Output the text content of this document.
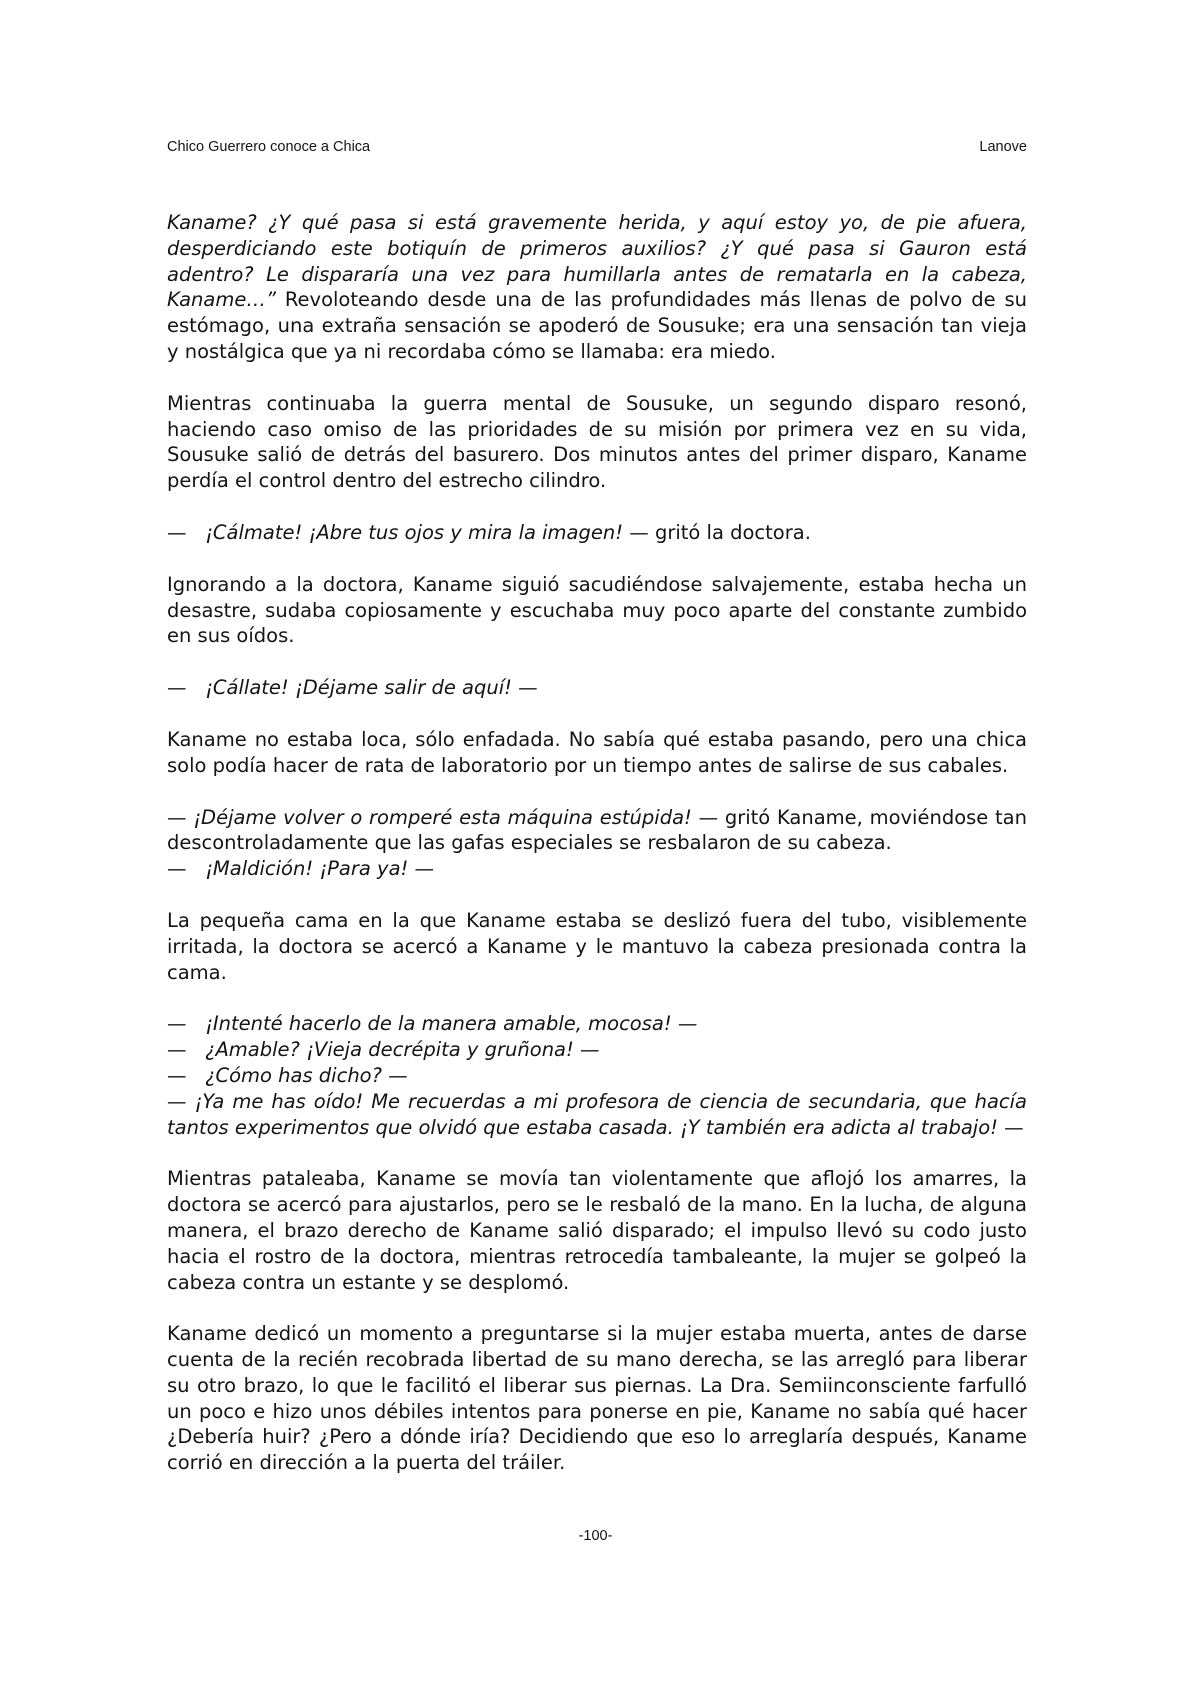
Chico Guerrero conoce a Chica	Lanove

Kaname? ¿Y qué pasa si está gravemente herida, y aquí estoy yo, de pie afuera, desperdiciando este botiquín de primeros auxilios? ¿Y qué pasa si Gauron está adentro? Le dispararía una vez para humillarla antes de rematarla en la cabeza, Kaname…” Revoloteando desde una de las profundidades más llenas de polvo de su estómago, una extraña sensación se apoderó de Sousuke; era una sensación tan vieja y nostálgica que ya ni recordaba cómo se llamaba: era miedo.

Mientras continuaba la guerra mental de Sousuke, un segundo disparo resonó, haciendo caso omiso de las prioridades de su misión por primera vez en su vida, Sousuke salió de detrás del basurero. Dos minutos antes del primer disparo, Kaname perdía el control dentro del estrecho cilindro.

— ¡Cálmate! ¡Abre tus ojos y mira la imagen! — gritó la doctora.

Ignorando a la doctora, Kaname siguió sacudiéndose salvajemente, estaba hecha un desastre, sudaba copiosamente y escuchaba muy poco aparte del constante zumbido en sus oídos.

— ¡Cállate! ¡Déjame salir de aquí! —

Kaname no estaba loca, sólo enfadada. No sabía qué estaba pasando, pero una chica solo podía hacer de rata de laboratorio por un tiempo antes de salirse de sus cabales.

— ¡Déjame volver o romperé esta máquina estúpida! — gritó Kaname, moviéndose tan descontroladamente que las gafas especiales se resbalaron de su cabeza.

— ¡Maldición! ¡Para ya! —

La pequeña cama en la que Kaname estaba se deslizó fuera del tubo, visiblemente irritada, la doctora se acercó a Kaname y le mantuvo la cabeza presionada contra la cama.

— ¡Intenté hacerlo de la manera amable, mocosa! —

— ¿Amable? ¡Vieja decrépita y gruñona! —

— ¿Cómo has dicho? —

— ¡Ya me has oído! Me recuerdas a mi profesora de ciencia de secundaria, que hacía tantos experimentos que olvidó que estaba casada. ¡Y también era adicta al trabajo! —

Mientras pataleaba, Kaname se movía tan violentamente que aflojó los amarres, la doctora se acercó para ajustarlos, pero se le resbaló de la mano. En la lucha, de alguna manera, el brazo derecho de Kaname salió disparado; el impulso llevó su codo justo hacia el rostro de la doctora, mientras retrocedía tambaleante, la mujer se golpeó la cabeza contra un estante y se desplomó.

Kaname dedicó un momento a preguntarse si la mujer estaba muerta, antes de darse cuenta de la recién recobrada libertad de su mano derecha, se las arregló para liberar su otro brazo, lo que le facilitó el liberar sus piernas. La Dra. Semiinconsciente farfulló un poco e hizo unos débiles intentos para ponerse en pie, Kaname no sabía qué hacer ¿Debería huir? ¿Pero a dónde iría? Decidiendo que eso lo arreglaría después, Kaname corrió en dirección a la puerta del tráiler.

-100-
